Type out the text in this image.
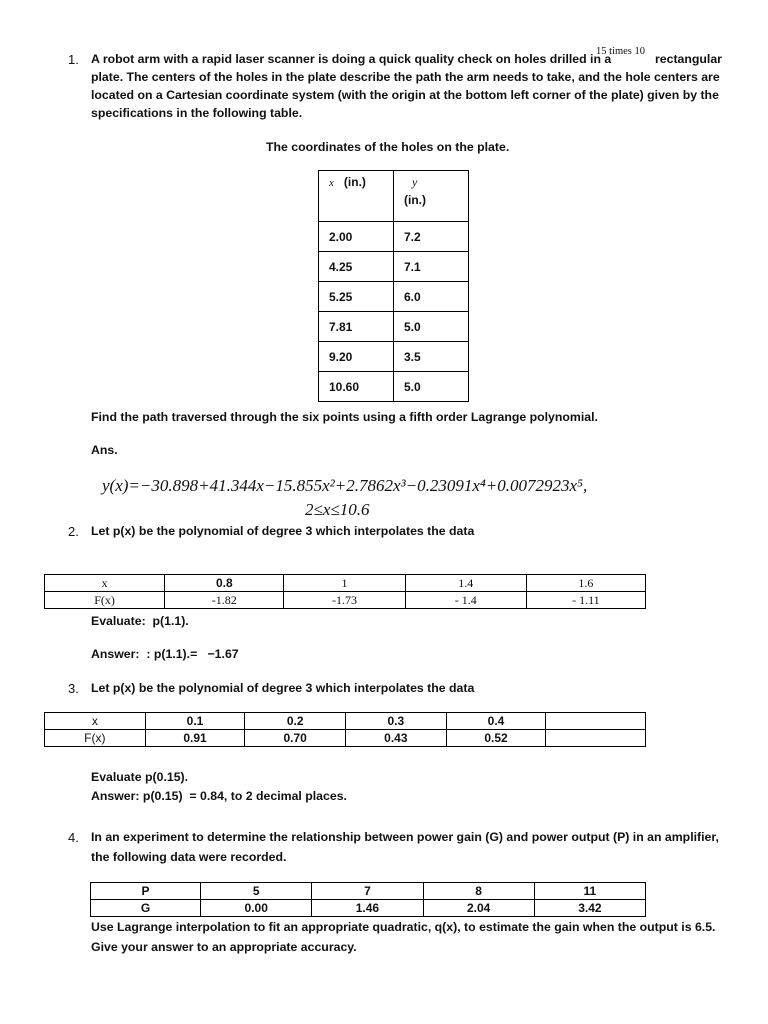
1. A robot arm with a rapid laser scanner is doing a quick quality check on holes drilled in a
15 times 10
rectangular
plate. The centers of the holes in the plate describe the path the arm needs to take, and the hole centers are
located on a Cartesian coordinate system (with the origin at the bottom left corner of the plate) given by the
specifications in the following table.
The coordinates of the holes on the plate.
x (in.)	y
(in.)

2.00	7.2
4.25	7.1
5.25	6.0
7.81	5.0
9.20	3.5
10.60	5.0
Find the path traversed through the six points using a fifth order Lagrange polynomial.
Ans.
y(x)=−30.898+41.344x−15.855x²+2.7862x³−0.23091x⁴+0.0072923x⁵,
2≤x≤10.6
2. Let p(x) be the polynomial of degree 3 which interpolates the data
x	0.8	1	1.4	1.6
F(x)	-1.82	-1.73	- 1.4	- 1.11
Evaluate:  p(1.1).
Answer:  : p(1.1).=   −1.67
3. Let p(x) be the polynomial of degree 3 which interpolates the data
x	0.1	0.2	0.3	0.4	
F(x)	0.91	0.70	0.43	0.52	
Evaluate p(0.15).
Answer: p(0.15)  = 0.84, to 2 decimal places.
4. In an experiment to determine the relationship between power gain (G) and power output (P) in an amplifier,
the following data were recorded.
P	5	7	8	11
G	0.00	1.46	2.04	3.42
Use Lagrange interpolation to fit an appropriate quadratic, q(x), to estimate the gain when the output is 6.5.
Give your answer to an appropriate accuracy.
